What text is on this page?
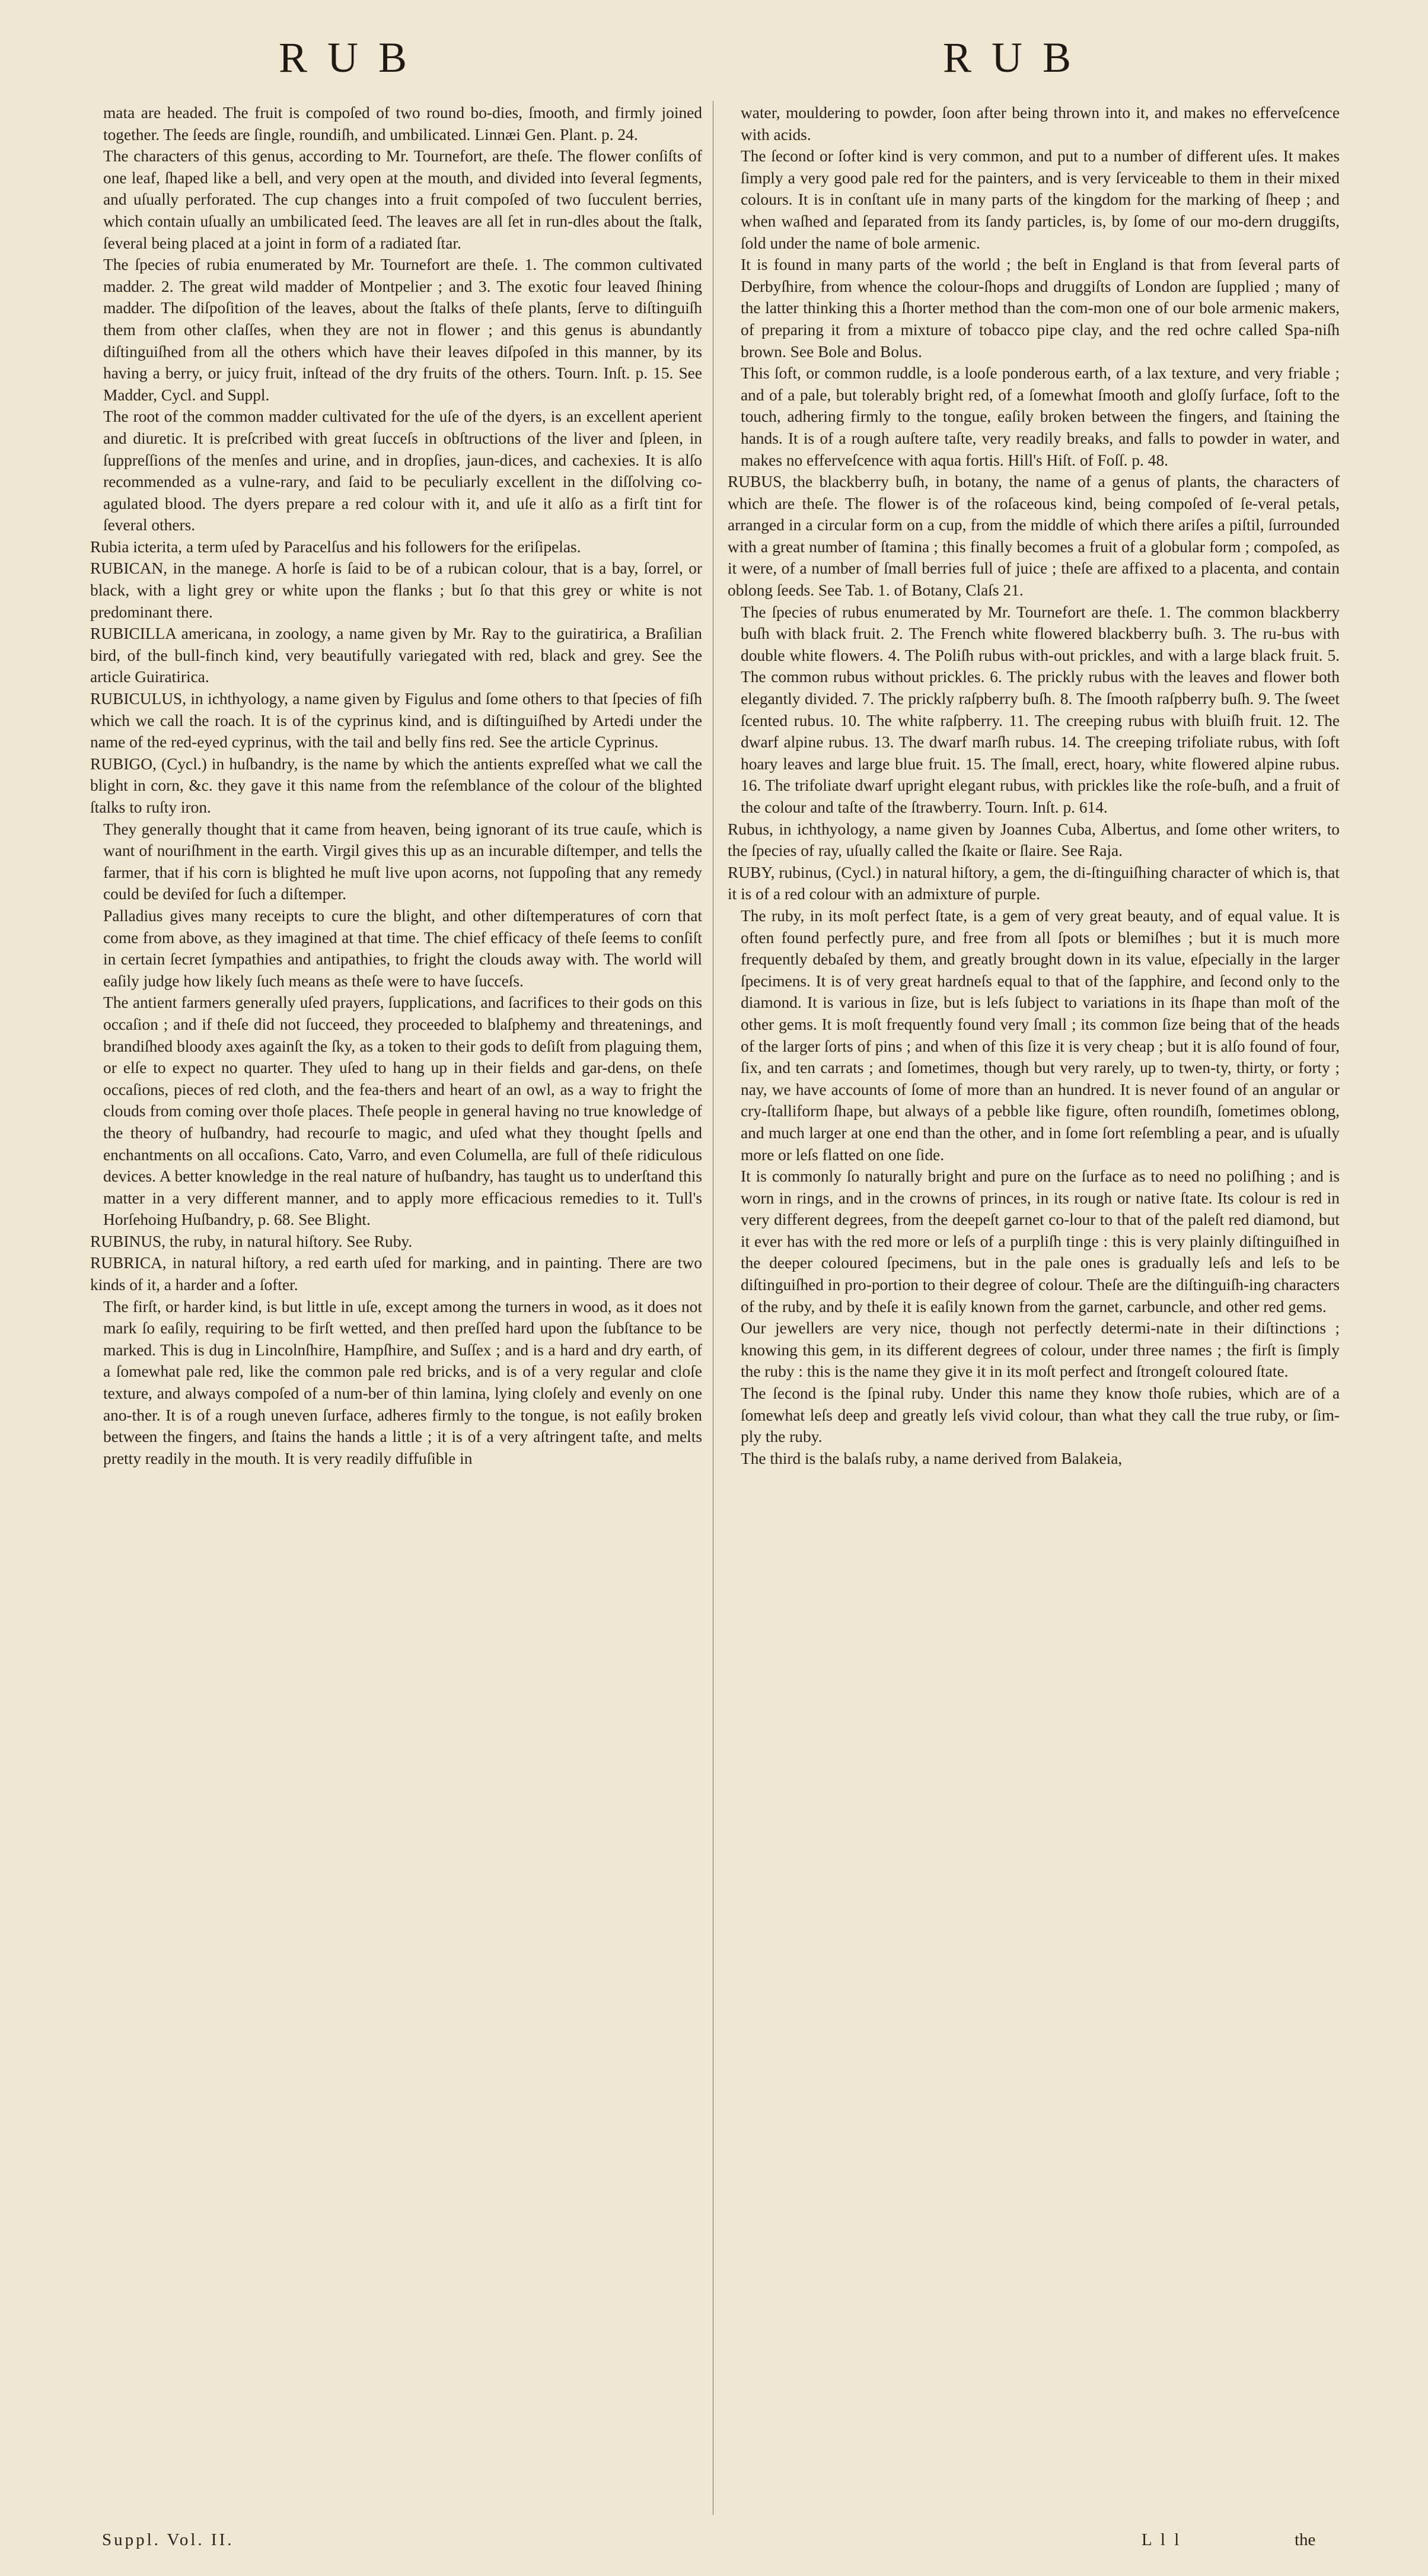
RUB	RUB

mata are headed. The fruit is compoſed of two round bo-dies, ſmooth, and firmly joined together. The ſeeds are ſingle, roundiſh, and umbilicated. Linnæi Gen. Plant. p. 24.

The characters of this genus, according to Mr. Tournefort, are theſe. The flower conſiſts of one leaf, ſhaped like a bell, and very open at the mouth, and divided into ſeveral ſegments, and uſually perforated. The cup changes into a fruit compoſed of two ſucculent berries, which contain uſually an umbilicated ſeed. The leaves are all ſet in run-dles about the ſtalk, ſeveral being placed at a joint in form of a radiated ſtar.

The ſpecies of rubia enumerated by Mr. Tournefort are theſe. 1. The common cultivated madder. 2. The great wild madder of Montpelier ; and 3. The exotic four leaved ſhining madder. The diſpoſition of the leaves, about the ſtalks of theſe plants, ſerve to diſtinguiſh them from other claſſes, when they are not in flower ; and this genus is abundantly diſtinguiſhed from all the others which have their leaves diſpoſed in this manner, by its having a berry, or juicy fruit, inſtead of the dry fruits of the others. Tourn. Inſt. p. 15. See Madder, Cycl. and Suppl.

The root of the common madder cultivated for the uſe of the dyers, is an excellent aperient and diuretic. It is preſcribed with great ſucceſs in obſtructions of the liver and ſpleen, in ſuppreſſions of the menſes and urine, and in dropſies, jaun-dices, and cachexies. It is alſo recommended as a vulne-rary, and ſaid to be peculiarly excellent in the diſſolving co-agulated blood. The dyers prepare a red colour with it, and uſe it alſo as a firſt tint for ſeveral others.

Rubia icterita, a term uſed by Paracelſus and his followers for the eriſipelas.

RUBICAN, in the manege. A horſe is ſaid to be of a rubican colour, that is a bay, ſorrel, or black, with a light grey or white upon the flanks ; but ſo that this grey or white is not predominant there.

RUBICILLA americana, in zoology, a name given by Mr. Ray to the guiratirica, a Braſilian bird, of the bull-finch kind, very beautifully variegated with red, black and grey. See the article Guiratirica.

RUBICULUS, in ichthyology, a name given by Figulus and ſome others to that ſpecies of fiſh which we call the roach. It is of the cyprinus kind, and is diſtinguiſhed by Artedi under the name of the red-eyed cyprinus, with the tail and belly fins red. See the article Cyprinus.

RUBIGO, (Cycl.) in huſbandry, is the name by which the antients expreſſed what we call the blight in corn, &c. they gave it this name from the reſemblance of the colour of the blighted ſtalks to ruſty iron.

They generally thought that it came from heaven, being ignorant of its true cauſe, which is want of nouriſhment in the earth. Virgil gives this up as an incurable diſtemper, and tells the farmer, that if his corn is blighted he muſt live upon acorns, not ſuppoſing that any remedy could be deviſed for ſuch a diſtemper.

Palladius gives many receipts to cure the blight, and other diſtemperatures of corn that come from above, as they imagined at that time. The chief efficacy of theſe ſeems to conſiſt in certain ſecret ſympathies and antipathies, to fright the clouds away with. The world will eaſily judge how likely ſuch means as theſe were to have ſucceſs.

The antient farmers generally uſed prayers, ſupplications, and ſacrifices to their gods on this occaſion ; and if theſe did not ſucceed, they proceeded to blaſphemy and threatenings, and brandiſhed bloody axes againſt the ſky, as a token to their gods to deſiſt from plaguing them, or elſe to expect no quarter. They uſed to hang up in their fields and gar-dens, on theſe occaſions, pieces of red cloth, and the fea-thers and heart of an owl, as a way to fright the clouds from coming over thoſe places. Theſe people in general having no true knowledge of the theory of huſbandry, had recourſe to magic, and uſed what they thought ſpells and enchantments on all occaſions. Cato, Varro, and even Columella, are full of theſe ridiculous devices. A better knowledge in the real nature of huſbandry, has taught us to underſtand this matter in a very different manner, and to apply more efficacious remedies to it. Tull's Horſehoing Huſbandry, p. 68. See Blight.

RUBINUS, the ruby, in natural hiſtory. See Ruby.

RUBRICA, in natural hiſtory, a red earth uſed for marking, and in painting. There are two kinds of it, a harder and a ſofter.

The firſt, or harder kind, is but little in uſe, except among the turners in wood, as it does not mark ſo eaſily, requiring to be firſt wetted, and then preſſed hard upon the ſubſtance to be marked. This is dug in Lincolnſhire, Hampſhire, and Suſſex ; and is a hard and dry earth, of a ſomewhat pale red, like the common pale red bricks, and is of a very regular and cloſe texture, and always compoſed of a num-ber of thin lamina, lying cloſely and evenly on one ano-ther. It is of a rough uneven ſurface, adheres firmly to the tongue, is not eaſily broken between the fingers, and ſtains the hands a little ; it is of a very aſtringent taſte, and melts pretty readily in the mouth. It is very readily diffuſible in

water, mouldering to powder, ſoon after being thrown into it, and makes no efferveſcence with acids.

The ſecond or ſofter kind is very common, and put to a number of different uſes. It makes ſimply a very good pale red for the painters, and is very ſerviceable to them in their mixed colours. It is in conſtant uſe in many parts of the kingdom for the marking of ſheep ; and when waſhed and ſeparated from its ſandy particles, is, by ſome of our mo-dern druggiſts, ſold under the name of bole armenic.

It is found in many parts of the world ; the beſt in England is that from ſeveral parts of Derbyſhire, from whence the colour-ſhops and druggiſts of London are ſupplied ; many of the latter thinking this a ſhorter method than the com-mon one of our bole armenic makers, of preparing it from a mixture of tobacco pipe clay, and the red ochre called Spa-niſh brown. See Bole and Bolus.

This ſoft, or common ruddle, is a looſe ponderous earth, of a lax texture, and very friable ; and of a pale, but tolerably bright red, of a ſomewhat ſmooth and gloſſy ſurface, ſoft to the touch, adhering firmly to the tongue, eaſily broken between the fingers, and ſtaining the hands. It is of a rough auſtere taſte, very readily breaks, and falls to powder in water, and makes no efferveſcence with aqua fortis. Hill's Hiſt. of Foſſ. p. 48.

RUBUS, the blackberry buſh, in botany, the name of a genus of plants, the characters of which are theſe. The flower is of the roſaceous kind, being compoſed of ſe-veral petals, arranged in a circular form on a cup, from the middle of which there ariſes a piſtil, ſurrounded with a great number of ſtamina ; this finally becomes a fruit of a globular form ; compoſed, as it were, of a number of ſmall berries full of juice ; theſe are affixed to a placenta, and contain oblong ſeeds. See Tab. 1. of Botany, Claſs 21.

The ſpecies of rubus enumerated by Mr. Tournefort are theſe. 1. The common blackberry buſh with black fruit. 2. The French white flowered blackberry buſh. 3. The ru-bus with double white flowers. 4. The Poliſh rubus with-out prickles, and with a large black fruit. 5. The common rubus without prickles. 6. The prickly rubus with the leaves and flower both elegantly divided. 7. The prickly raſpberry buſh. 8. The ſmooth raſpberry buſh. 9. The ſweet ſcented rubus. 10. The white raſpberry. 11. The creeping rubus with bluiſh fruit. 12. The dwarf alpine rubus. 13. The dwarf marſh rubus. 14. The creeping trifoliate rubus, with ſoft hoary leaves and large blue fruit. 15. The ſmall, erect, hoary, white flowered alpine rubus. 16. The trifoliate dwarf upright elegant rubus, with prickles like the roſe-buſh, and a fruit of the colour and taſte of the ſtrawberry. Tourn. Inſt. p. 614.

Rubus, in ichthyology, a name given by Joannes Cuba, Albertus, and ſome other writers, to the ſpecies of ray, uſually called the ſkaite or ſlaire. See Raja.

RUBY, rubinus, (Cycl.) in natural hiſtory, a gem, the di-ſtinguiſhing character of which is, that it is of a red colour with an admixture of purple.

The ruby, in its moſt perfect ſtate, is a gem of very great beauty, and of equal value. It is often found perfectly pure, and free from all ſpots or blemiſhes ; but it is much more frequently debaſed by them, and greatly brought down in its value, eſpecially in the larger ſpecimens. It is of very great hardneſs equal to that of the ſapphire, and ſecond only to the diamond. It is various in ſize, but is leſs ſubject to variations in its ſhape than moſt of the other gems. It is moſt frequently found very ſmall ; its common ſize being that of the heads of the larger ſorts of pins ; and when of this ſize it is very cheap ; but it is alſo found of four, ſix, and ten carrats ; and ſometimes, though but very rarely, up to twen-ty, thirty, or forty ; nay, we have accounts of ſome of more than an hundred. It is never found of an angular or cry-ſtalliform ſhape, but always of a pebble like figure, often roundiſh, ſometimes oblong, and much larger at one end than the other, and in ſome ſort reſembling a pear, and is uſually more or leſs flatted on one ſide.

It is commonly ſo naturally bright and pure on the ſurface as to need no poliſhing ; and is worn in rings, and in the crowns of princes, in its rough or native ſtate. Its colour is red in very different degrees, from the deepeſt garnet co-lour to that of the paleſt red diamond, but it ever has with the red more or leſs of a purpliſh tinge : this is very plainly diſtinguiſhed in the deeper coloured ſpecimens, but in the pale ones is gradually leſs and leſs to be diſtinguiſhed in pro-portion to their degree of colour. Theſe are the diſtinguiſh-ing characters of the ruby, and by theſe it is eaſily known from the garnet, carbuncle, and other red gems.

Our jewellers are very nice, though not perfectly determi-nate in their diſtinctions ; knowing this gem, in its different degrees of colour, under three names ; the firſt is ſimply the ruby : this is the name they give it in its moſt perfect and ſtrongeſt coloured ſtate.

The ſecond is the ſpinal ruby. Under this name they know thoſe rubies, which are of a ſomewhat leſs deep and greatly leſs vivid colour, than what they call the true ruby, or ſim-ply the ruby.

The third is the balaſs ruby, a name derived from Balakeia,

Suppl. Vol. II.	L l l	the
